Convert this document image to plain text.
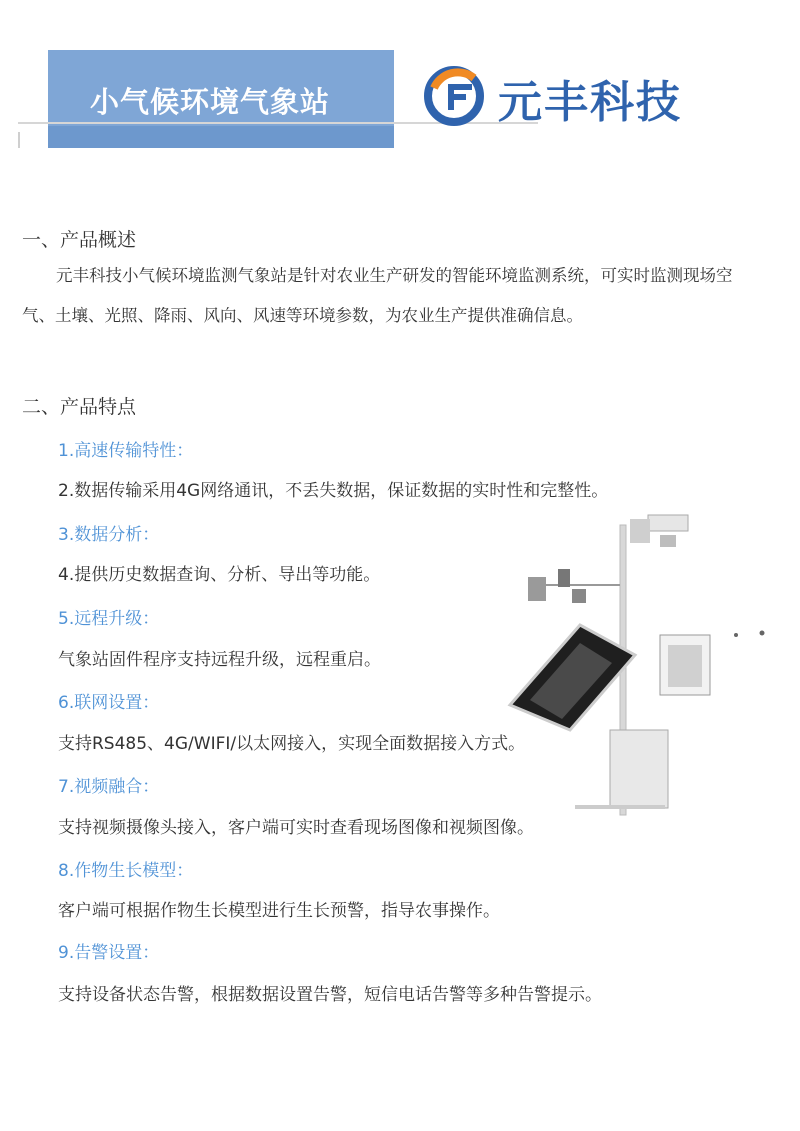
小气候环境气象站	元丰科技
一、产品概述
元丰科技小气候环境监测气象站是针对农业生产研发的智能环境监测系统，可实时监测现场空气、土壤、光照、降雨、风向、风速等环境参数，为农业生产提供准确信息。
二、产品特点
1.高速传输特性：
2.数据传输采用4G网络通讯，不丢失数据，保证数据的实时性和完整性。
3.数据分析：
4.提供历史数据查询、分析、导出等功能。
5.远程升级：
气象站固件程序支持远程升级，远程重启。
6.联网设置：
支持RS485、4G/WIFI/以太网接入，实现全面数据接入方式。
7.视频融合：
支持视频摄像头接入，客户端可实时查看现场图像和视频图像。
8.作物生长模型：
客户端可根据作物生长模型进行生长预警，指导农事操作。
9.告警设置：
支持设备状态告警，根据数据设置告警，短信电话告警等多种告警提示。
